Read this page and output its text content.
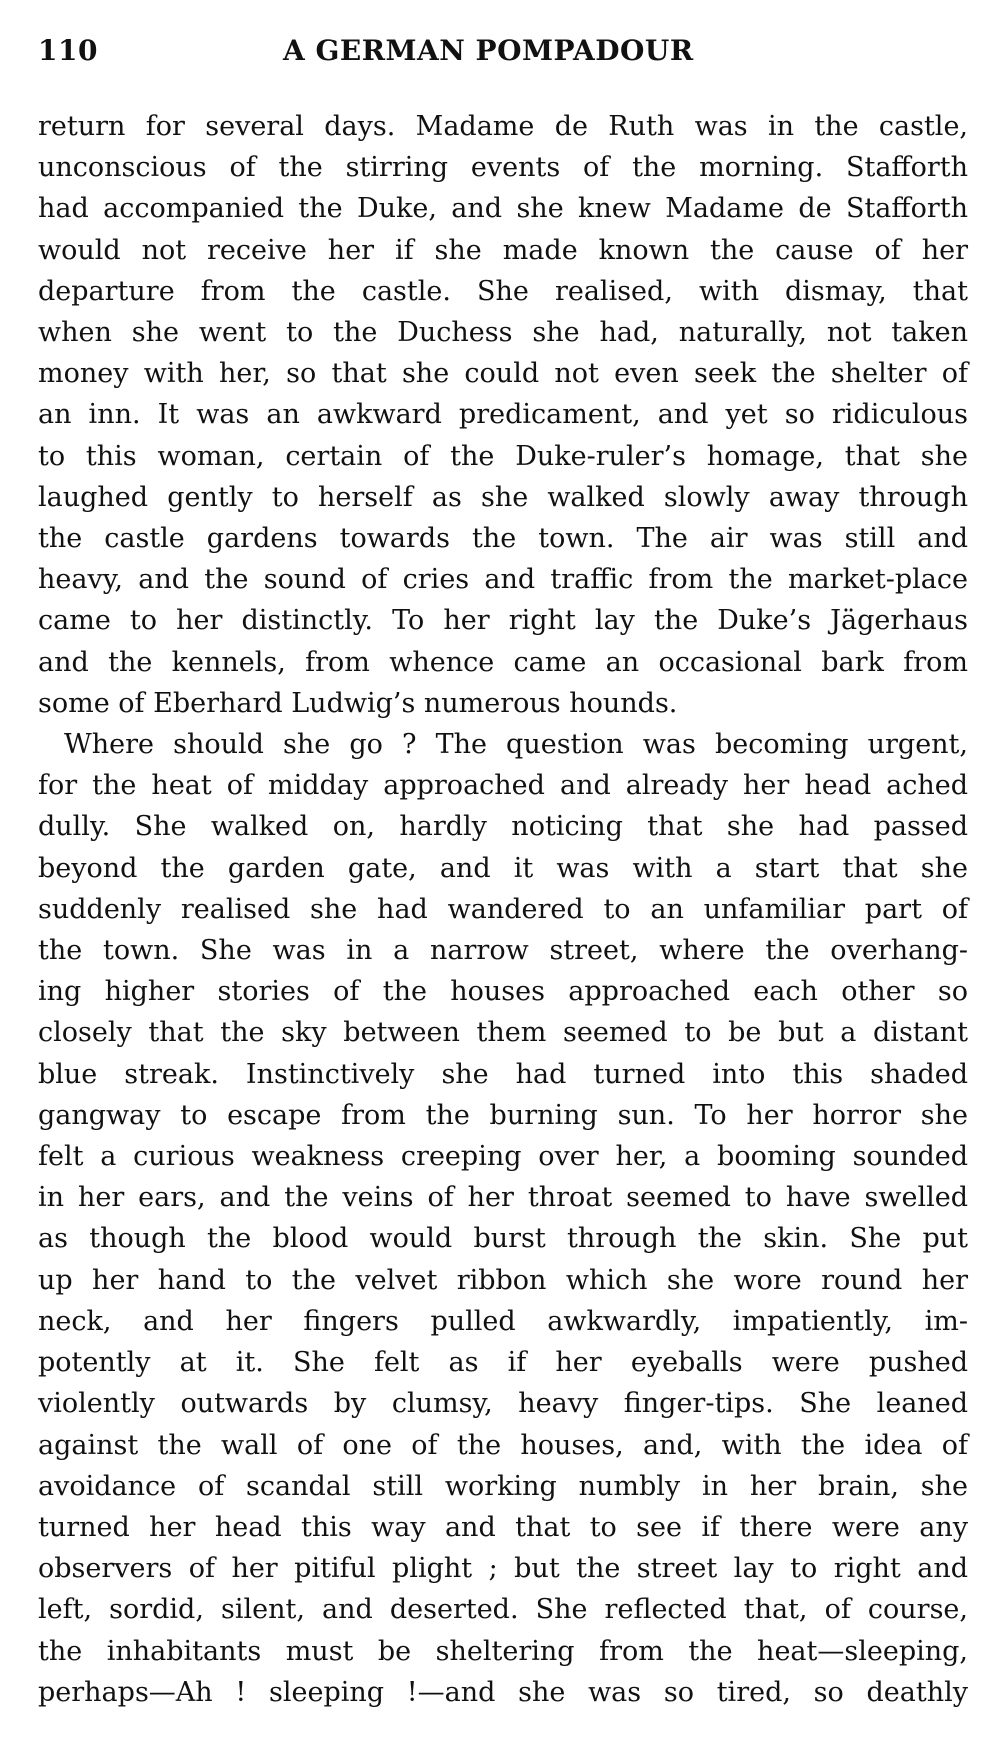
110	A GERMAN POMPADOUR
return for several days. Madame de Ruth was in the castle,
unconscious of the stirring events of the morning. Stafforth
had accompanied the Duke, and she knew Madame de Stafforth
would not receive her if she made known the cause of her
departure from the castle. She realised, with dismay, that
when she went to the Duchess she had, naturally, not taken
money with her, so that she could not even seek the shelter of
an inn. It was an awkward predicament, and yet so ridiculous
to this woman, certain of the Duke-ruler’s homage, that she
laughed gently to herself as she walked slowly away through
the castle gardens towards the town. The air was still and
heavy, and the sound of cries and traffic from the market-place
came to her distinctly. To her right lay the Duke’s Jägerhaus
and the kennels, from whence came an occasional bark from
some of Eberhard Ludwig’s numerous hounds.
Where should she go ? The question was becoming urgent,
for the heat of midday approached and already her head ached
dully. She walked on, hardly noticing that she had passed
beyond the garden gate, and it was with a start that she
suddenly realised she had wandered to an unfamiliar part of
the town. She was in a narrow street, where the overhang-
ing higher stories of the houses approached each other so
closely that the sky between them seemed to be but a distant
blue streak. Instinctively she had turned into this shaded
gangway to escape from the burning sun. To her horror she
felt a curious weakness creeping over her, a booming sounded
in her ears, and the veins of her throat seemed to have swelled
as though the blood would burst through the skin. She put
up her hand to the velvet ribbon which she wore round her
neck, and her fingers pulled awkwardly, impatiently, im-
potently at it. She felt as if her eyeballs were pushed
violently outwards by clumsy, heavy finger-tips. She leaned
against the wall of one of the houses, and, with the idea of
avoidance of scandal still working numbly in her brain, she
turned her head this way and that to see if there were any
observers of her pitiful plight ; but the street lay to right and
left, sordid, silent, and deserted. She reflected that, of course,
the inhabitants must be sheltering from the heat—sleeping,
perhaps—Ah ! sleeping !—and she was so tired, so deathly
